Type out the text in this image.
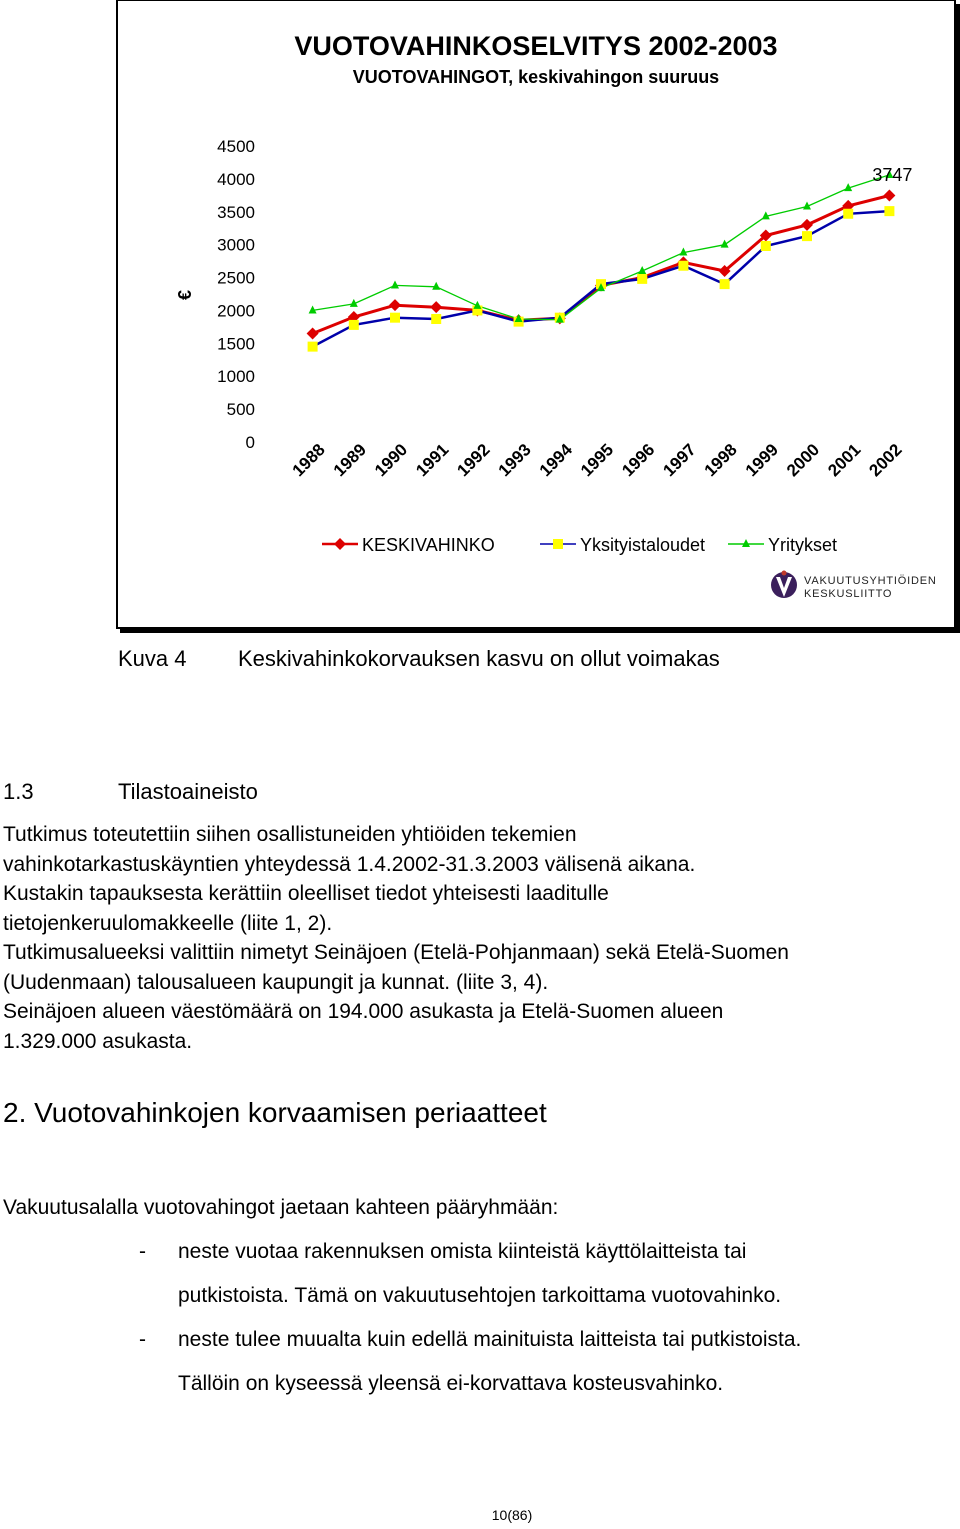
VUOTOVAHINKOSELVITYS 2002-2003
VUOTOVAHINGOT, keskivahingon suuruus
4500
4000
3500
3000
2500
2000
1500
1000
500
0
€
1988 1989 1990 1991 1992 1993 1994 1995 1996 1997 1998 1999 2000 2001 2002
3747
KESKIVAHINKO	Yksityistaloudet	Yritykset
VAKUUTUSYHTIÖIDEN
KESKUSLIITTO
Kuva 4 Keskivahinkokorvauksen kasvu on ollut voimakas
1.3	Tilastoaineisto
Tutkimus toteutettiin siihen osallistuneiden yhtiöiden tekemien
vahinkotarkastuskäyntien yhteydessä 1.4.2002-31.3.2003 välisenä aikana.
Kustakin tapauksesta kerättiin oleelliset tiedot yhteisesti laaditulle
tietojenkeruulomakkeelle (liite 1, 2).
Tutkimusalueeksi valittiin nimetyt Seinäjoen (Etelä-Pohjanmaan) sekä Etelä-Suomen
(Uudenmaan) talousalueen kaupungit ja kunnat. (liite 3, 4).
Seinäjoen alueen väestömäärä on 194.000 asukasta ja Etelä-Suomen alueen
1.329.000 asukasta.
2. Vuotovahinkojen korvaamisen periaatteet
Vakuutusalalla vuotovahingot jaetaan kahteen pääryhmään:
- neste vuotaa rakennuksen omista kiinteistä käyttölaitteista tai
putkistoista. Tämä on vakuutusehtojen tarkoittama vuotovahinko.
- neste tulee muualta kuin edellä mainituista laitteista tai putkistoista.
Tällöin on kyseessä yleensä ei-korvattava kosteusvahinko.
10(86)
